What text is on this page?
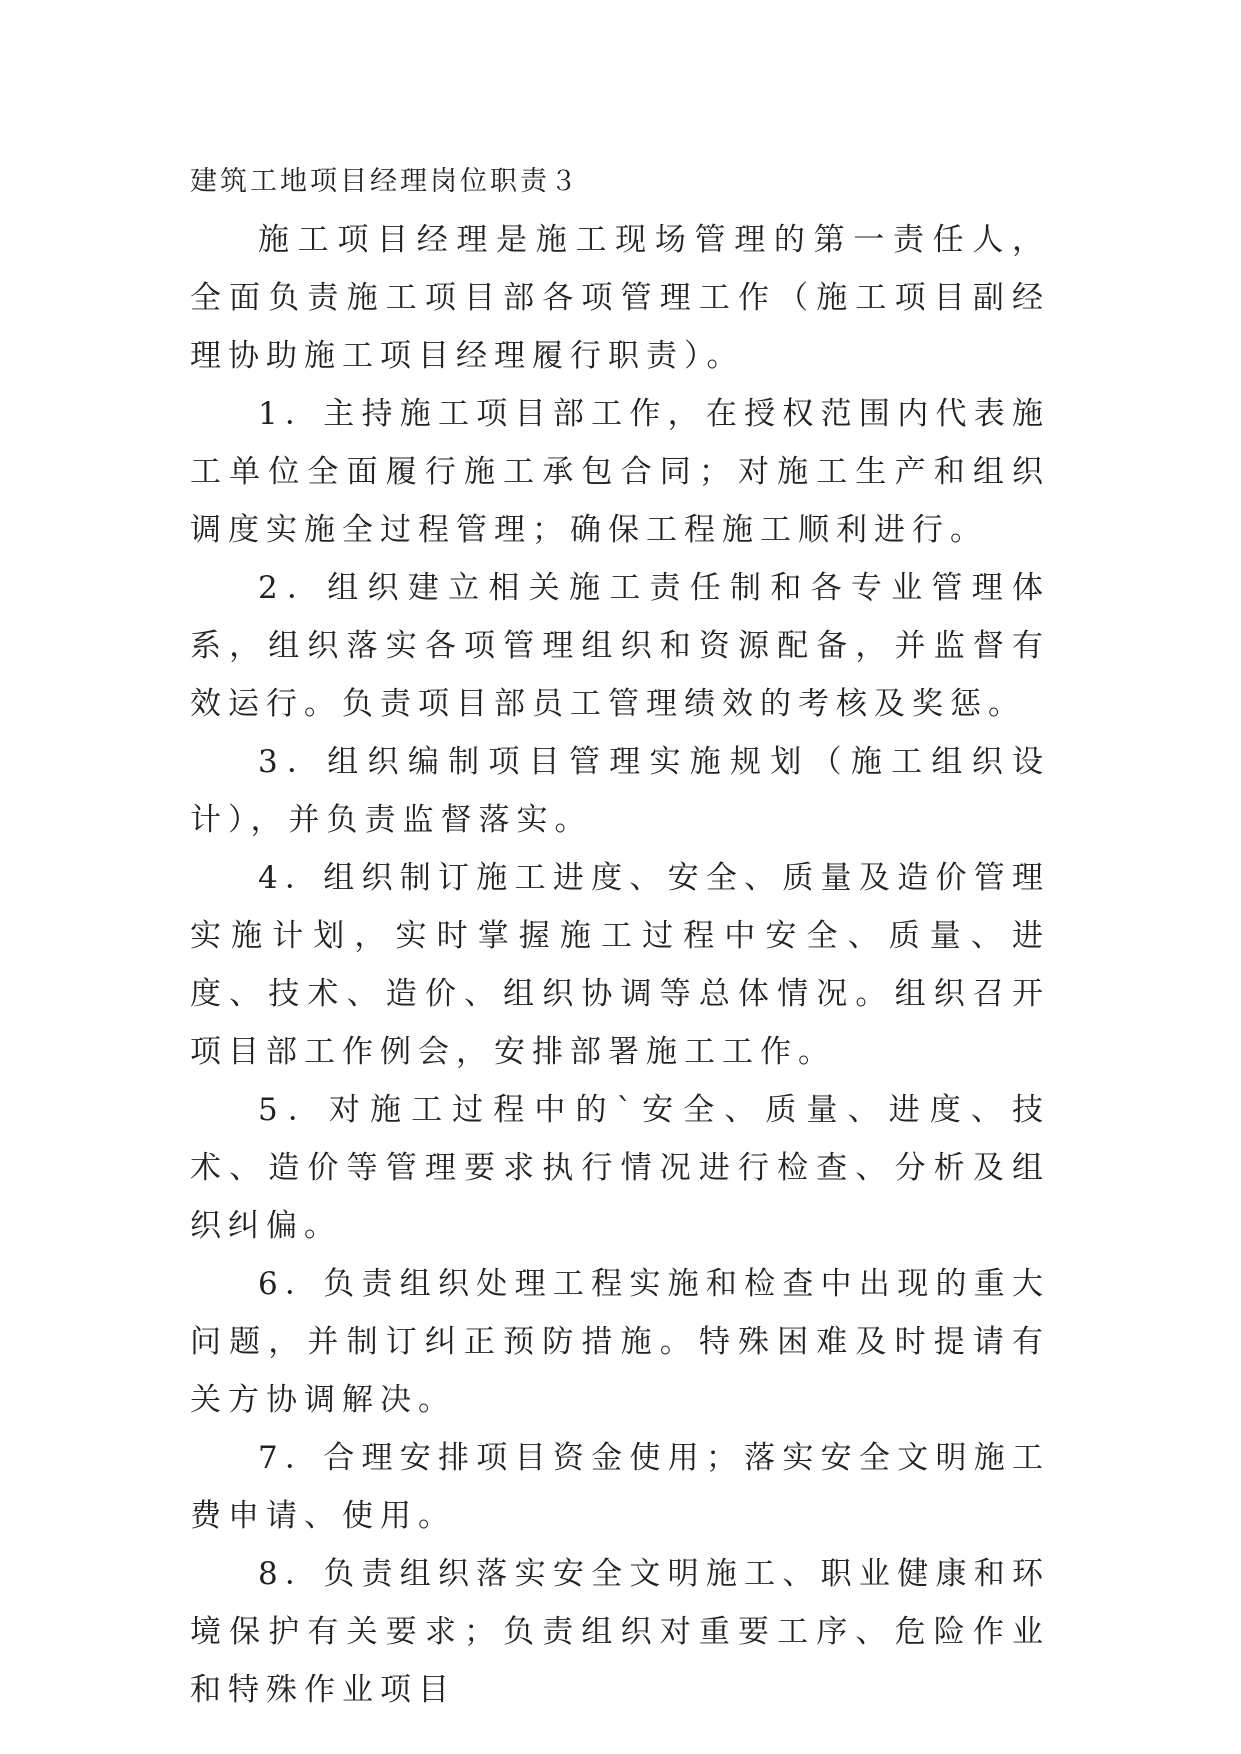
建筑工地项目经理岗位职责３

施工项目经理是施工现场管理的第一责任人，全面负责施工项目部各项管理工作（施工项目副经理协助施工项目经理履行职责）。

1．主持施工项目部工作，在授权范围内代表施工单位全面履行施工承包合同；对施工生产和组织调度实施全过程管理；确保工程施工顺利进行。

2．组织建立相关施工责任制和各专业管理体系，组织落实各项管理组织和资源配备，并监督有效运行。负责项目部员工管理绩效的考核及奖惩。

3．组织编制项目管理实施规划（施工组织设计），并负责监督落实。

4．组织制订施工进度、安全、质量及造价管理实施计划，实时掌握施工过程中安全、质量、进度、技术、造价、组织协调等总体情况。组织召开项目部工作例会，安排部署施工工作。

5．对施工过程中的`安全、质量、进度、技术、造价等管理要求执行情况进行检查、分析及组织纠偏。

6．负责组织处理工程实施和检查中出现的重大问题，并制订纠正预防措施。特殊困难及时提请有关方协调解决。

7．合理安排项目资金使用；落实安全文明施工费申请、使用。

8．负责组织落实安全文明施工、职业健康和环境保护有关要求；负责组织对重要工序、危险作业和特殊作业项目
